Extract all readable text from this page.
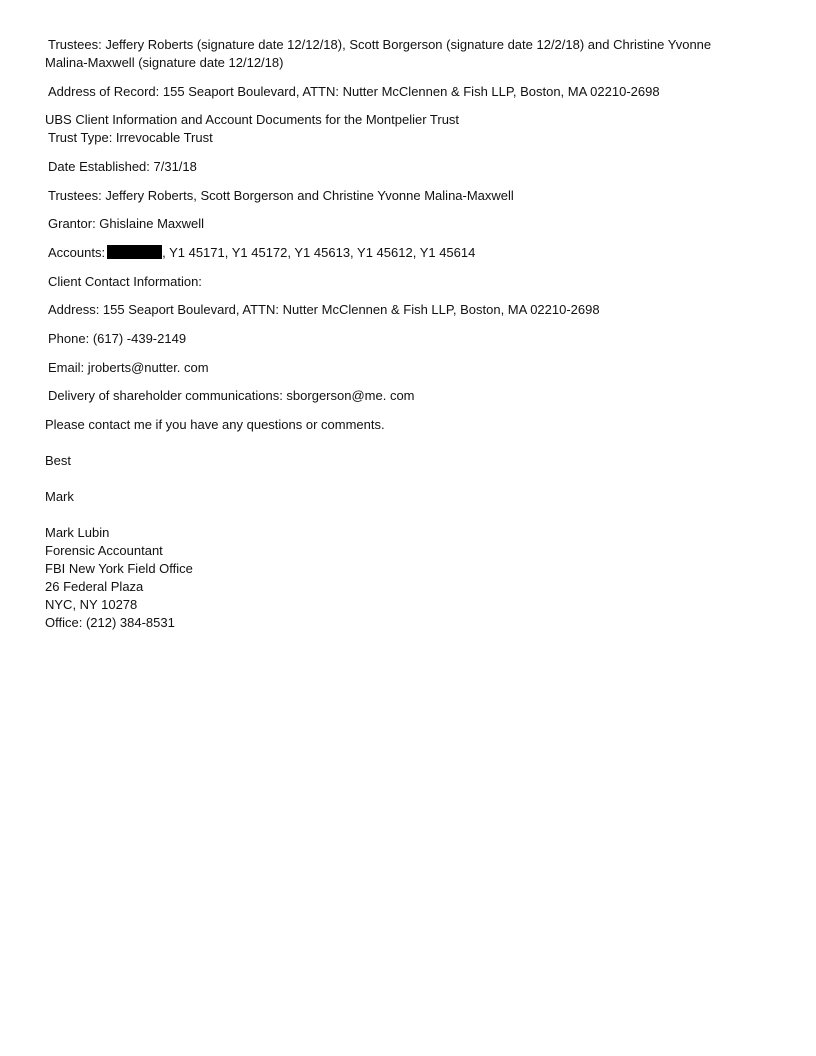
Trustees: Jeffery Roberts (signature date 12/12/18), Scott Borgerson (signature date 12/2/18) and Christine Yvonne
Malina-Maxwell (signature date 12/12/18)
Address of Record: 155 Seaport Boulevard, ATTN: Nutter McClennen & Fish LLP, Boston, MA 02210-2698
UBS Client Information and Account Documents for the Montpelier Trust
Trust Type: Irrevocable Trust
Date Established: 7/31/18
Trustees: Jeffery Roberts, Scott Borgerson and Christine Yvonne Malina-Maxwell
Grantor: Ghislaine Maxwell
Accounts:	, Y1 45171, Y1 45172, Y1 45613, Y1 45612, Y1 45614
Client Contact Information:
Address: 155 Seaport Boulevard, ATTN: Nutter McClennen & Fish LLP, Boston, MA 02210-2698
Phone: (617) -439-2149
Email: jroberts@nutter. com
Delivery of shareholder communications: sborgerson@me. com
Please contact me if you have any questions or comments.
Best
Mark
Mark Lubin
Forensic Accountant
FBI New York Field Office
26 Federal Plaza
NYC, NY 10278
Office: (212) 384-8531
